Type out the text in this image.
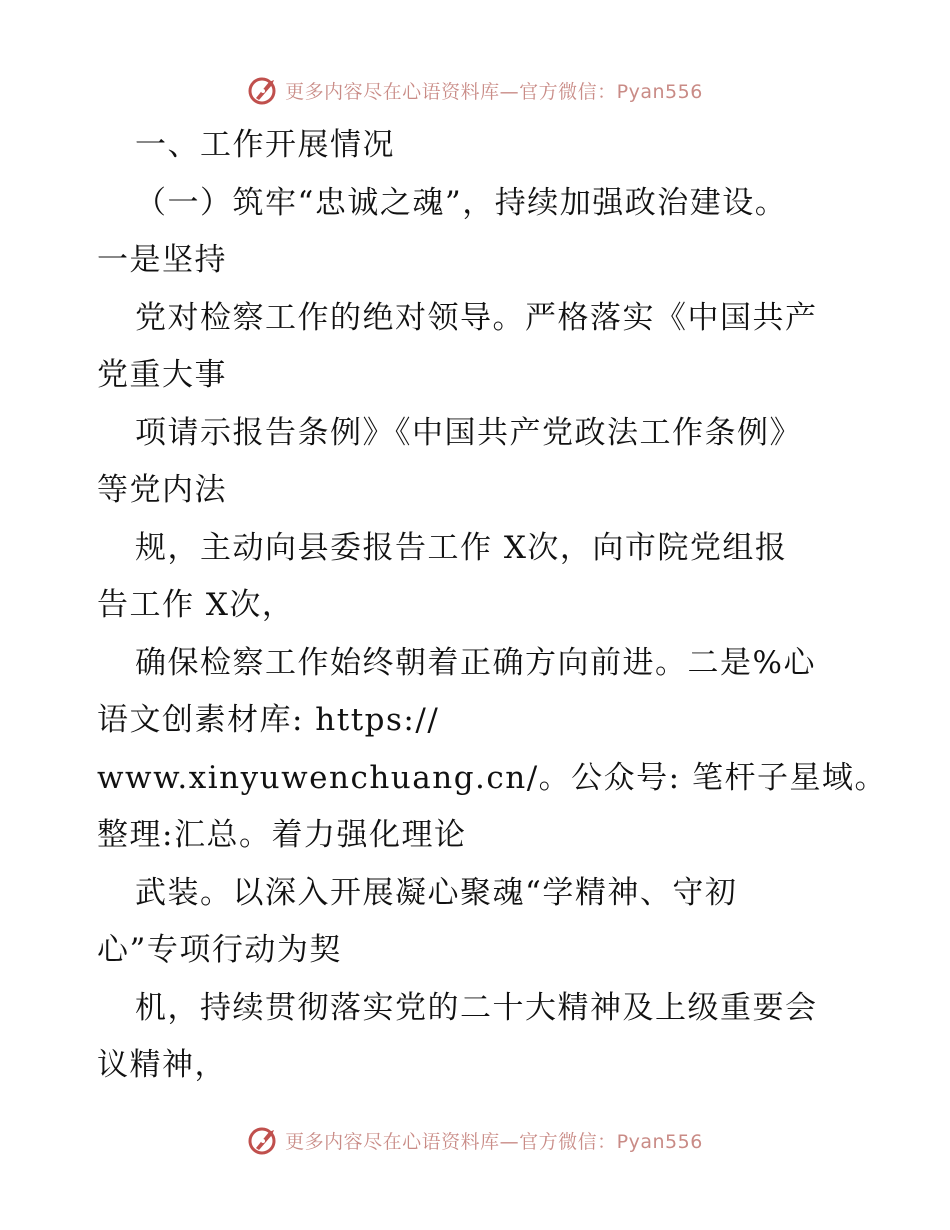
更多内容尽在心语资料库—官方微信：Pyan556
一、工作开展情况
（一）筑牢“忠诚之魂”，持续加强政治建设。
一是坚持
党对检察工作的绝对领导。严格落实《中国共产
党重大事
项请示报告条例》《中国共产党政法工作条例》
等党内法
规，主动向县委报告工作 X次，向市院党组报
告工作 X次，
确保检察工作始终朝着正确方向前进。二是%心
语文创素材库: https://
www.xinyuwenchuang.cn/。公众号: 笔杆子星域。
整理:汇总。着力强化理论
武装。以深入开展凝心聚魂“学精神、守初
心”专项行动为契
机，持续贯彻落实党的二十大精神及上级重要会
议精神，
更多内容尽在心语资料库—官方微信：Pyan556
